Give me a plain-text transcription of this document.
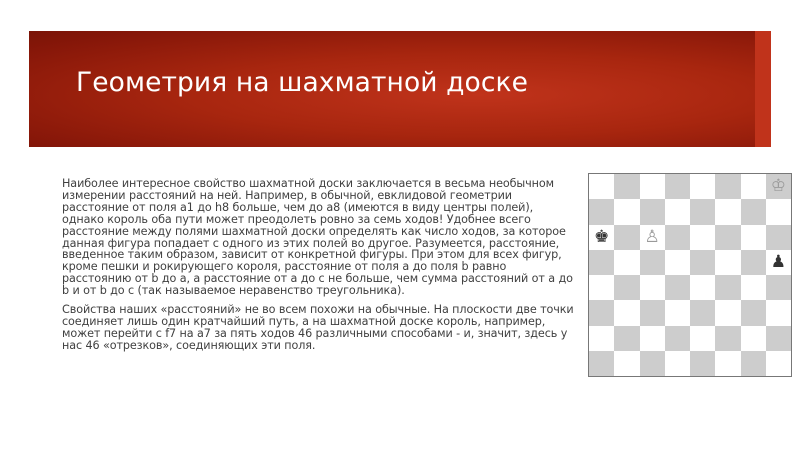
Геометрия на шахматной доске

Наиболее интересное свойство шахматной доски заключается в весьма необычном измерении расстояний на ней. Например, в обычной, евклидовой геометрии расстояние от поля а1 до h8 больше, чем до а8 (имеются в виду центры полей), однако король оба пути может преодолеть ровно за семь ходов! Удобнее всего расстояние между полями шахматной доски определять как число ходов, за которое данная фигура попадает с одного из этих полей во другое. Разумеется, расстояние, введенное таким образом, зависит от конкретной фигуры. При этом для всех фигур, кроме пешки и рокирующего короля, расстояние от поля а до поля b равно расстоянию от b до a, а расстояние от а до с не больше, чем сумма расстояний от а до b и от b до с (так называемое неравенство треугольника).

Свойства наших «расстояний» не во всем похожи на обычные. На плоскости две точки соединяет лишь один кратчайший путь, а на шахматной доске король, например, может перейти с f7 на a7 за пять ходов 46 различными способами - и, значит, здесь у нас 46 «отрезков», соединяющих эти поля.

♔
♚ ♙
♟
